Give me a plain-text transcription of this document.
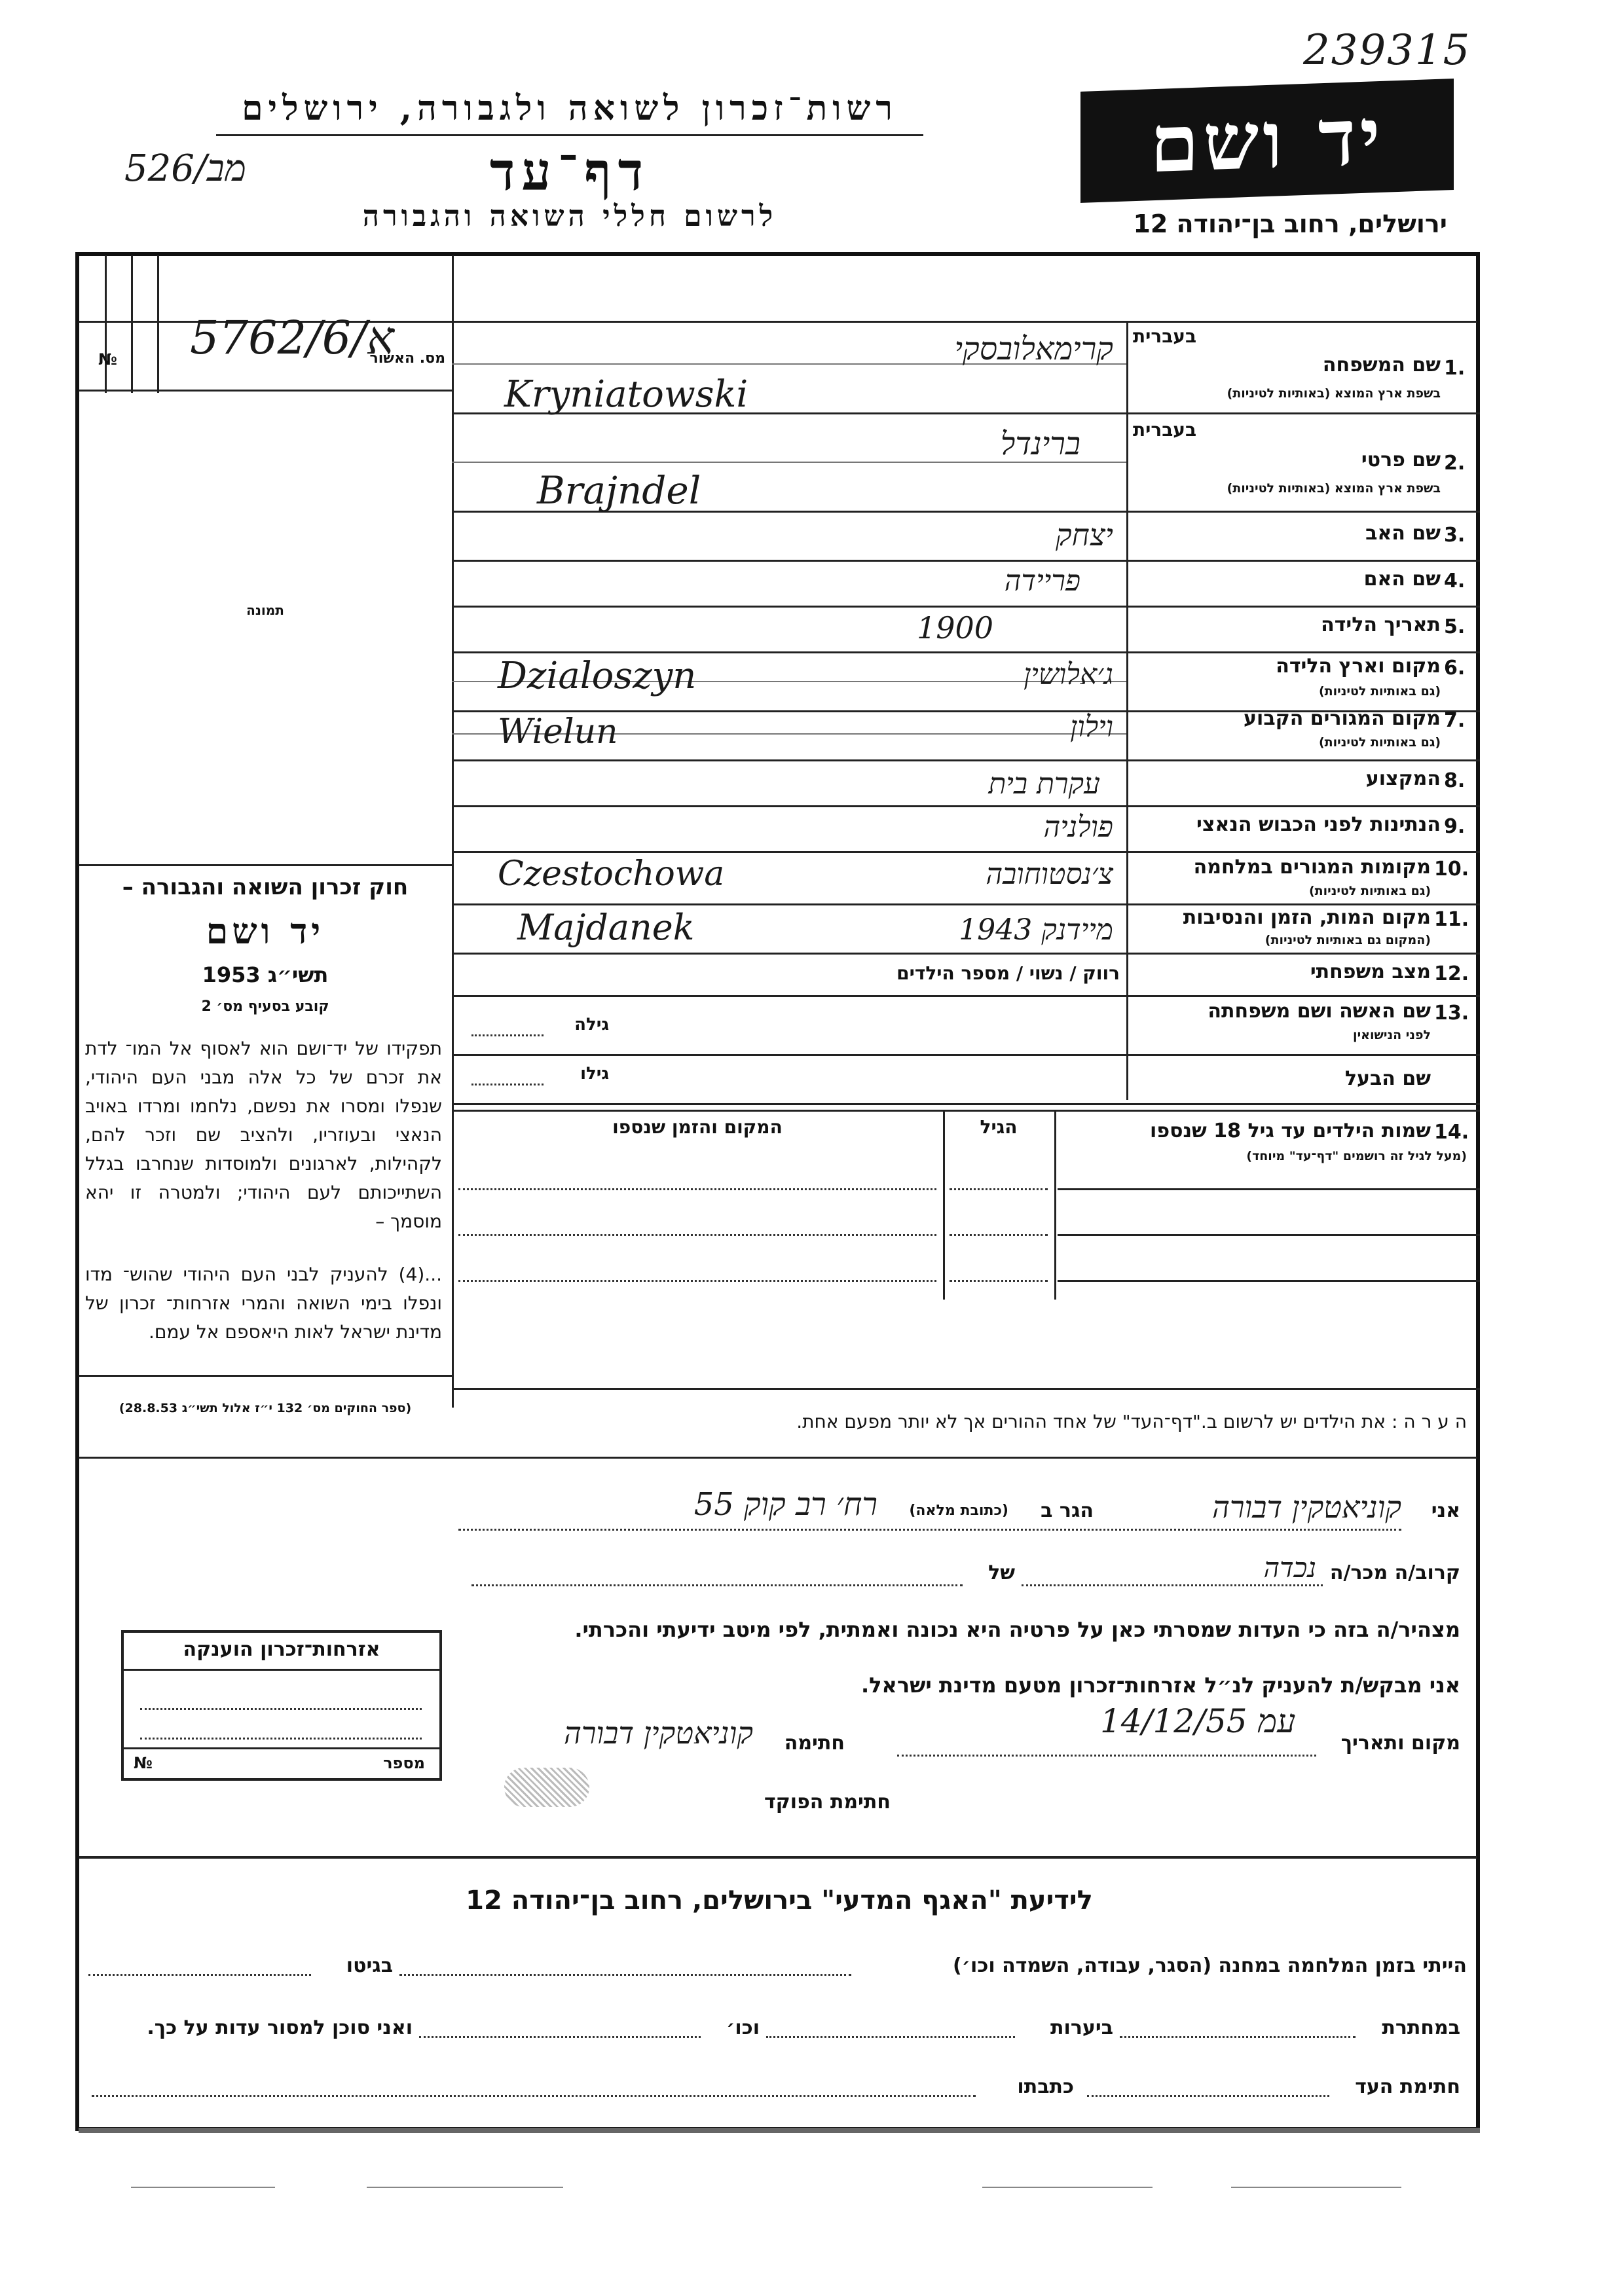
239315
רשות־זכרון לשואה ולגבורה, ירושלים
דף־עד
526/מב
לרשום חללי השואה והגבורה
יד ושם
ירושלים, רחוב בן־יהודה 12
№ א/5762/6
מס. האשור
תמונה
חוק זכרון השואה והגבורה –
יד ושם
תשי״ג 1953
קובע בסעיף מס׳ 2
תפקידו של יד־ושם הוא לאסוף אל המו־ לדת את זכרם של כל אלה מבני העם היהודי, שנפלו ומסרו את נפשם, נלחמו ומרדו באויב הנאצי ובעוזריו, ולהציב שם וזכר להם, לקהילות, לארגונים ולמוסדות שנחרבו בגלל השתייכותם לעם היהודי; ולמטרה זו יהא מוסמך –
...(4) להעניק לבני העם היהודי שהוש־ מדו ונפלו בימי השואה והמרי אזרחות־ זכרון של מדינת ישראל לאות היאספם אל עמם.
(ספר החוקים מס׳ 132 י״ז אלול תשי״ג 28.8.53)
בעברית
1.
שם המשפחה
בשפת ארץ המוצא (באותיות לטיניות)
קרימאלובסקי
Kryniatowski
בעברית
2.
שם פרטי
בשפת ארץ המוצא (באותיות לטיניות)
ברינדל
Brajndel
3.
שם האב
יצחק
4.
שם האם
פריידה
5.
תאריך הלידה
1900
6.
מקום וארץ הלידה
(גם באותיות לטיניות)
ג׳אלושין
Dzialoszyn
7.
מקום המגורים הקבוע
(גם באותיות לטיניות)
וילון
Wielun
8.
המקצוע
עקרת בית
9.
הנתינות לפני הכבוש הנאצי
פולניה
10.
מקומות המגורים במלחמה
(גם באותיות לטיניות)
צ׳נסטוחובה
Czestochowa
11.
מקום המות, הזמן והנסיבות
(המקום גם באותיות לטיניות)
מיידנק 1943
Majdanek
12.
מצב משפחתי
רווק / נשוי / מספר הילדים
13.
שם האשה ושם משפחתה
לפני הנישואין
גילה
שם הבעל
גילו
14.
שמות הילדים עד גיל 18 שנספו
(מעל לגיל זה רושמים "דף־עד" מיוחד)
הגיל
המקום והזמן שנספו
ה ע ר ה : את הילדים יש לרשום ב."דף־העד" של אחד ההורים אך לא יותר מפעם אחת.
אני
קוניאטקין דבורה
הגר ב
(כתובת מלאה)
רח׳ רב קוק 55
קרוב/ה מכר/ה
נכדה
של
מצהיר/ה בזה כי העדות שמסרתי כאן על פרטיה היא נכונה ואמתית, לפי מיטב ידיעתי והכרתי.
אני מבקש/ת להעניק לנ״ל אזרחות־זכרון מטעם מדינת ישראל.
מקום ותאריך
עמ 14/12/55
חתימה
קוניאטקין דבורה
חתימת הפוקד
אזרחות־זכרון הוענקה
№	מספר
לידיעת "האגף המדעי" בירושלים, רחוב בן־יהודה 12
הייתי בזמן המלחמה במחנה (הסגר, עבודה, השמדה וכו׳)
בגיטו
במחתרת
ביערות
וכו׳
ואני סוכן למסור עדות על כך.
חתימת העד
כתבתו
